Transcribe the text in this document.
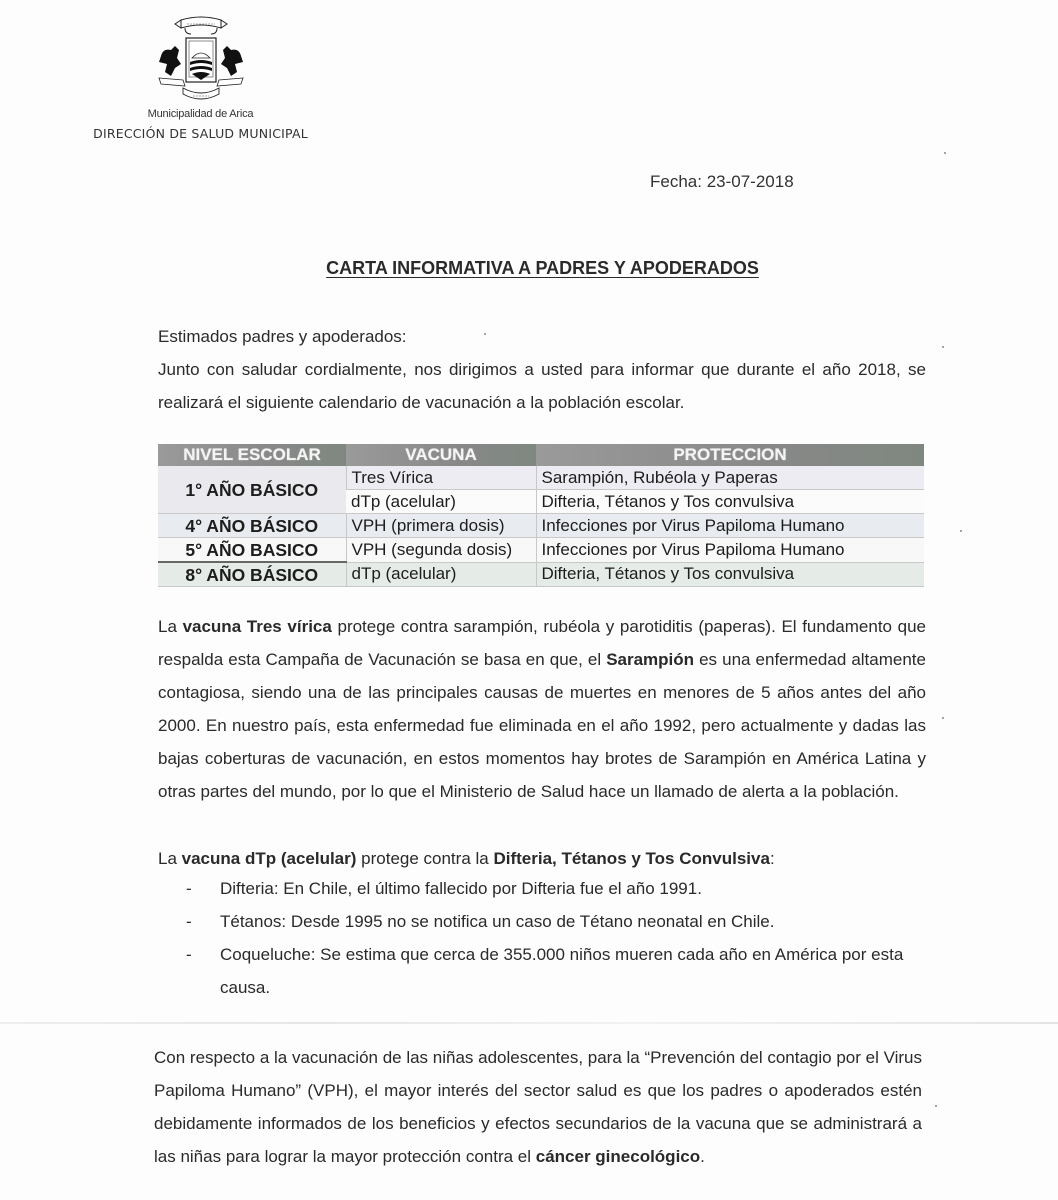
Municipalidad de Arica
DIRECCIÓN DE SALUD MUNICIPAL
Fecha: 23-07-2018
CARTA INFORMATIVA A PADRES Y APODERADOS
Estimados padres y apoderados:
Junto con saludar cordialmente, nos dirigimos a usted para informar que durante el año 2018, se realizará el siguiente calendario de vacunación a la población escolar.
NIVEL ESCOLAR	VACUNA	PROTECCION
1° AÑO BÁSICO	Tres Vírica	Sarampión, Rubéola y Paperas
	dTp (acelular)	Difteria, Tétanos y Tos convulsiva
4° AÑO BÁSICO	VPH (primera dosis)	Infecciones por Virus Papiloma Humano
5° AÑO BASICO	VPH (segunda dosis)	Infecciones por Virus Papiloma Humano
8° AÑO BÁSICO	dTp (acelular)	Difteria, Tétanos y Tos convulsiva
La vacuna Tres vírica protege contra sarampión, rubéola y parotiditis (paperas). El fundamento que respalda esta Campaña de Vacunación se basa en que, el Sarampión es una enfermedad altamente contagiosa, siendo una de las principales causas de muertes en menores de 5 años antes del año 2000. En nuestro país, esta enfermedad fue eliminada en el año 1992, pero actualmente y dadas las bajas coberturas de vacunación, en estos momentos hay brotes de Sarampión en América Latina y otras partes del mundo, por lo que el Ministerio de Salud hace un llamado de alerta a la población.
La vacuna dTp (acelular) protege contra la Difteria, Tétanos y Tos Convulsiva:
- Difteria: En Chile, el último fallecido por Difteria fue el año 1991.
- Tétanos: Desde 1995 no se notifica un caso de Tétano neonatal en Chile.
- Coqueluche: Se estima que cerca de 355.000 niños mueren cada año en América por esta causa.
Con respecto a la vacunación de las niñas adolescentes, para la “Prevención del contagio por el Virus Papiloma Humano” (VPH), el mayor interés del sector salud es que los padres o apoderados estén debidamente informados de los beneficios y efectos secundarios de la vacuna que se administrará a las niñas para lograr la mayor protección contra el cáncer ginecológico.
